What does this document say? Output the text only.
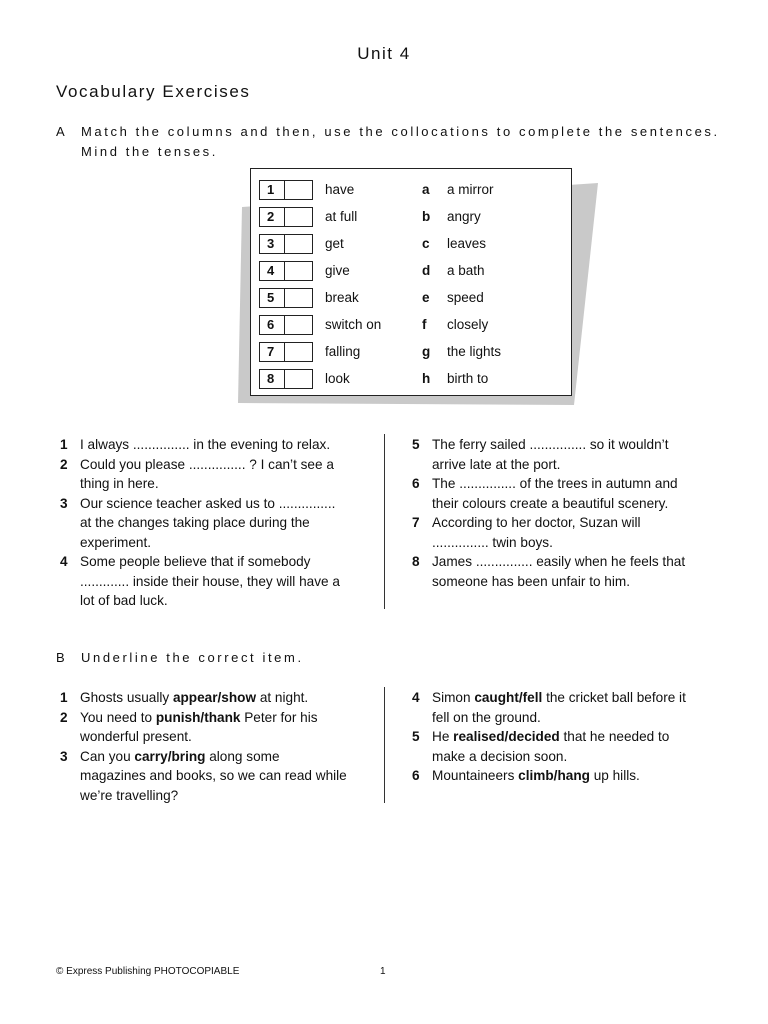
Unit 4
Vocabulary Exercises
A Match the columns and then, use the collocations to complete the sentences.
Mind the tenses.
1	have	a a mirror
2	at full	b angry
3	get	c leaves
4	give	d a bath
5	break	e speed
6	switch on	f closely
7	falling	g the lights
8	look	h birth to
1 I always ............... in the evening to relax.
2 Could you please ............... ? I can’t see a
thing in here.
3 Our science teacher asked us to ...............
at the changes taking place during the
experiment.
4 Some people believe that if somebody
............. inside their house, they will have a
lot of bad luck.
5 The ferry sailed ............... so it wouldn’t
arrive late at the port.
6 The ............... of the trees in autumn and
their colours create a beautiful scenery.
7 According to her doctor, Suzan will
............... twin boys.
8 James ............... easily when he feels that
someone has been unfair to him.
B Underline the correct item.
1 Ghosts usually appear/show at night.
2 You need to punish/thank Peter for his
wonderful present.
3 Can you carry/bring along some
magazines and books, so we can read while
we’re travelling?
4 Simon caught/fell the cricket ball before it
fell on the ground.
5 He realised/decided that he needed to
make a decision soon.
6 Mountaineers climb/hang up hills.
© Express Publishing PHOTOCOPIABLE	1
